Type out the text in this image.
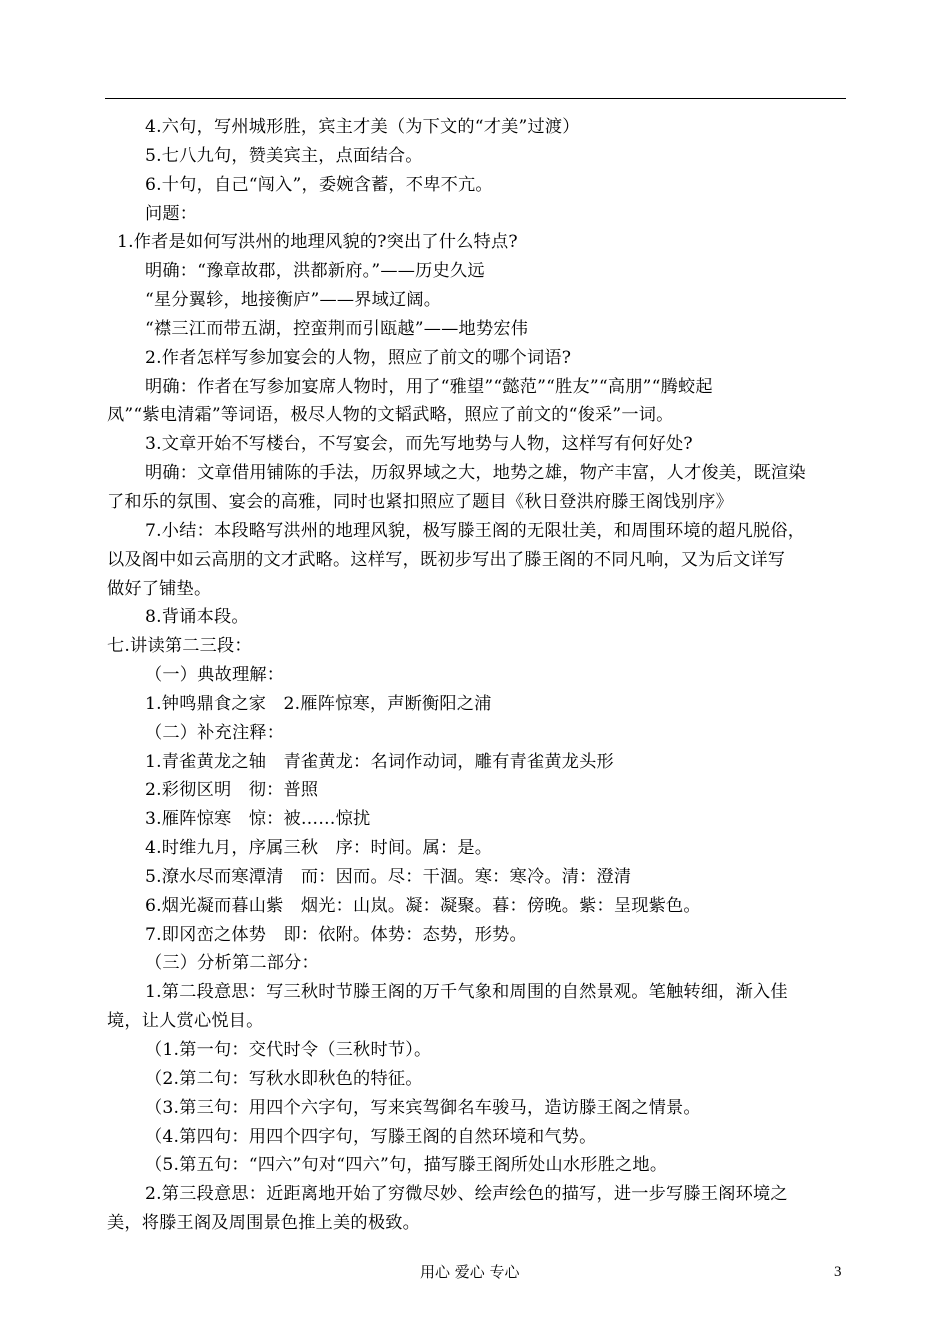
4.六句，写州城形胜，宾主才美（为下文的“才美”过渡）
5.七八九句，赞美宾主，点面结合。
6.十句，自己“闯入”，委婉含蓄，不卑不亢。
问题：
1.作者是如何写洪州的地理风貌的?突出了什么特点?
明确：“豫章故郡，洪都新府。”——历史久远
“星分翼轸，地接衡庐”——界域辽阔。
“襟三江而带五湖，控蛮荆而引瓯越”——地势宏伟
2.作者怎样写参加宴会的人物，照应了前文的哪个词语?
明确：作者在写参加宴席人物时，用了“雅望”“懿范”“胜友”“高朋”“腾蛟起
凤”“紫电清霜”等词语，极尽人物的文韬武略，照应了前文的“俊采”一词。
3.文章开始不写楼台，不写宴会，而先写地势与人物，这样写有何好处?
明确：文章借用铺陈的手法，历叙界域之大，地势之雄，物产丰富，人才俊美，既渲染
了和乐的氛围、宴会的高雅，同时也紧扣照应了题目《秋日登洪府滕王阁饯别序》
7.小结：本段略写洪州的地理风貌，极写滕王阁的无限壮美，和周围环境的超凡脱俗，
以及阁中如云高朋的文才武略。这样写，既初步写出了滕王阁的不同凡响，又为后文详写
做好了铺垫。
8.背诵本段。
七.讲读第二三段：
（一）典故理解：
1.钟鸣鼎食之家　2.雁阵惊寒，声断衡阳之浦
（二）补充注释：
1.青雀黄龙之轴　青雀黄龙：名词作动词，雕有青雀黄龙头形
2.彩彻区明　彻：普照
3.雁阵惊寒　惊：被……惊扰
4.时维九月，序属三秋　序：时间。属：是。
5.潦水尽而寒潭清　而：因而。尽：干涸。寒：寒冷。清：澄清
6.烟光凝而暮山紫　烟光：山岚。凝：凝聚。暮：傍晚。紫：呈现紫色。
7.即冈峦之体势　即：依附。体势：态势，形势。
（三）分析第二部分：
1.第二段意思：写三秋时节滕王阁的万千气象和周围的自然景观。笔触转细，渐入佳
境，让人赏心悦目。
（1.第一句：交代时令（三秋时节）。
（2.第二句：写秋水即秋色的特征。
（3.第三句：用四个六字句，写来宾驾御名车骏马，造访滕王阁之情景。
（4.第四句：用四个四字句，写滕王阁的自然环境和气势。
（5.第五句：“四六”句对“四六”句，描写滕王阁所处山水形胜之地。
2.第三段意思：近距离地开始了穷微尽妙、绘声绘色的描写，进一步写滕王阁环境之
美，将滕王阁及周围景色推上美的极致。
用心 爱心 专心	3
